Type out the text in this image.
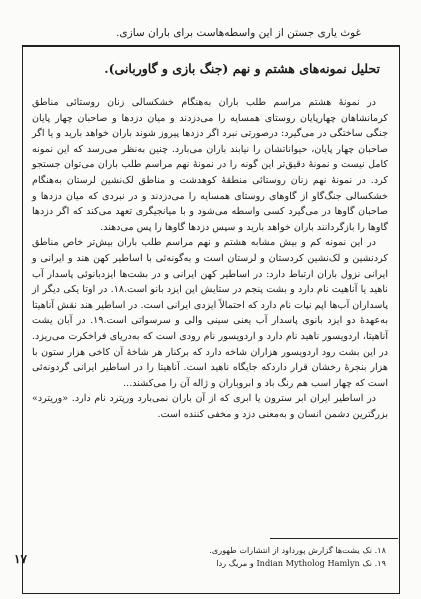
غوث یاری جستن از این واسطه‌هاست برای باران سازی.
تحلیل نمونه‌های هشتم و نهم (جنگ بازی و گاوربانی).

در نمونهٔ هشتم مراسم طلب باران به‌هنگام خشکسالی زنان روستائی مناطق کرمانشاهان چهارپایان روستای همسایه را می‌دزدند و میان دزدها و صاحبان چهار پایان جنگی ساختگی در می‌گیرد: درصورتی نبرد اگر دزدها پیروز شوند باران خواهد بارید و یا اگر صاحبان چهار پایان، حیواناتشان را نیابند باران می‌بارد. چنین به‌نظر می‌رسد که این نمونه کامل نیست و نمونهٔ دقیق‌تر این گونه را در نمونهٔ نهم مراسم طلب باران می‌توان جستجو کرد. در نمونهٔ نهم زنان روستائی منطقهٔ کوهدشت و مناطق لک‌نشین لرستان به‌هنگام خشکسالی جنگ‌گاو از گاوهای روستای همسایه را می‌دزدند و در نبردی که میان دزدها و صاحبان گاوها در می‌گیرد کسی واسطه می‌شود و با میانجیگری تعهد می‌کند که اگر دزدها گاوها را بازگردانند باران خواهد بارید و سپس دزدها گاوها را پس می‌دهند.

در این نمونه کم و بیش مشابه هشتم و نهم مراسم طلب باران بیش‌تر خاص مناطق کردنشین و لک‌نشین کردستان و لرستان است و به‌گونه‌ئی با اساطیر کهن هند و ایرانی و ایرانی نزول باران ارتباط دارد: در اساطیر کهن ایرانی و در بشت‌ها ایزدبانوئی پاسدار آب ناهید یا آناهیت نام دارد و بشت پنجم در ستایش این ایزد بانو است.۱۸. در اوتا یکی دیگر از پاسداران آب‌ها اپم نپات نام دارد که احتمالاً ایزدی ایرانی است. در اساطیر هند نقش آناهیتا به‌عهدهٔ دو ایزد بانوی پاسدار آب یعنی سینی والی و سرسواتی است.۱۹. در آبان یشت آناهیتا، اردویسور ناهید نام دارد و اردویسور نام رودی است که به‌دریای فراخکرت می‌ریزد. در این بشت رود اردویسور هزاران شاخه دارد که برکنار هر شاخهٔ آن کاخی هزار ستون با هزار بنجرهٔ رخشان قرار دارد‌که جایگاه ناهید است. آناهیتا را در اساطیر ایرانی گردونه‌ئی است که چهار اسب هم رنگ باد و ابروباران و ژاله آن را می‌کشند...

در اساطیر ایران ابر سترون یا ابری که از آن باران نمی‌بارد ورپترد نام دارد. «وریترد» بزرگترین دشمن انسان و به‌معنی دزد و مخفی کننده است.

۱۸. نک یشت‌ها گزارش پورداود از انتشارات طهوری.
۱۹. نک Indian Mytholog Hamlyn و مریگ ردا
۱۷
